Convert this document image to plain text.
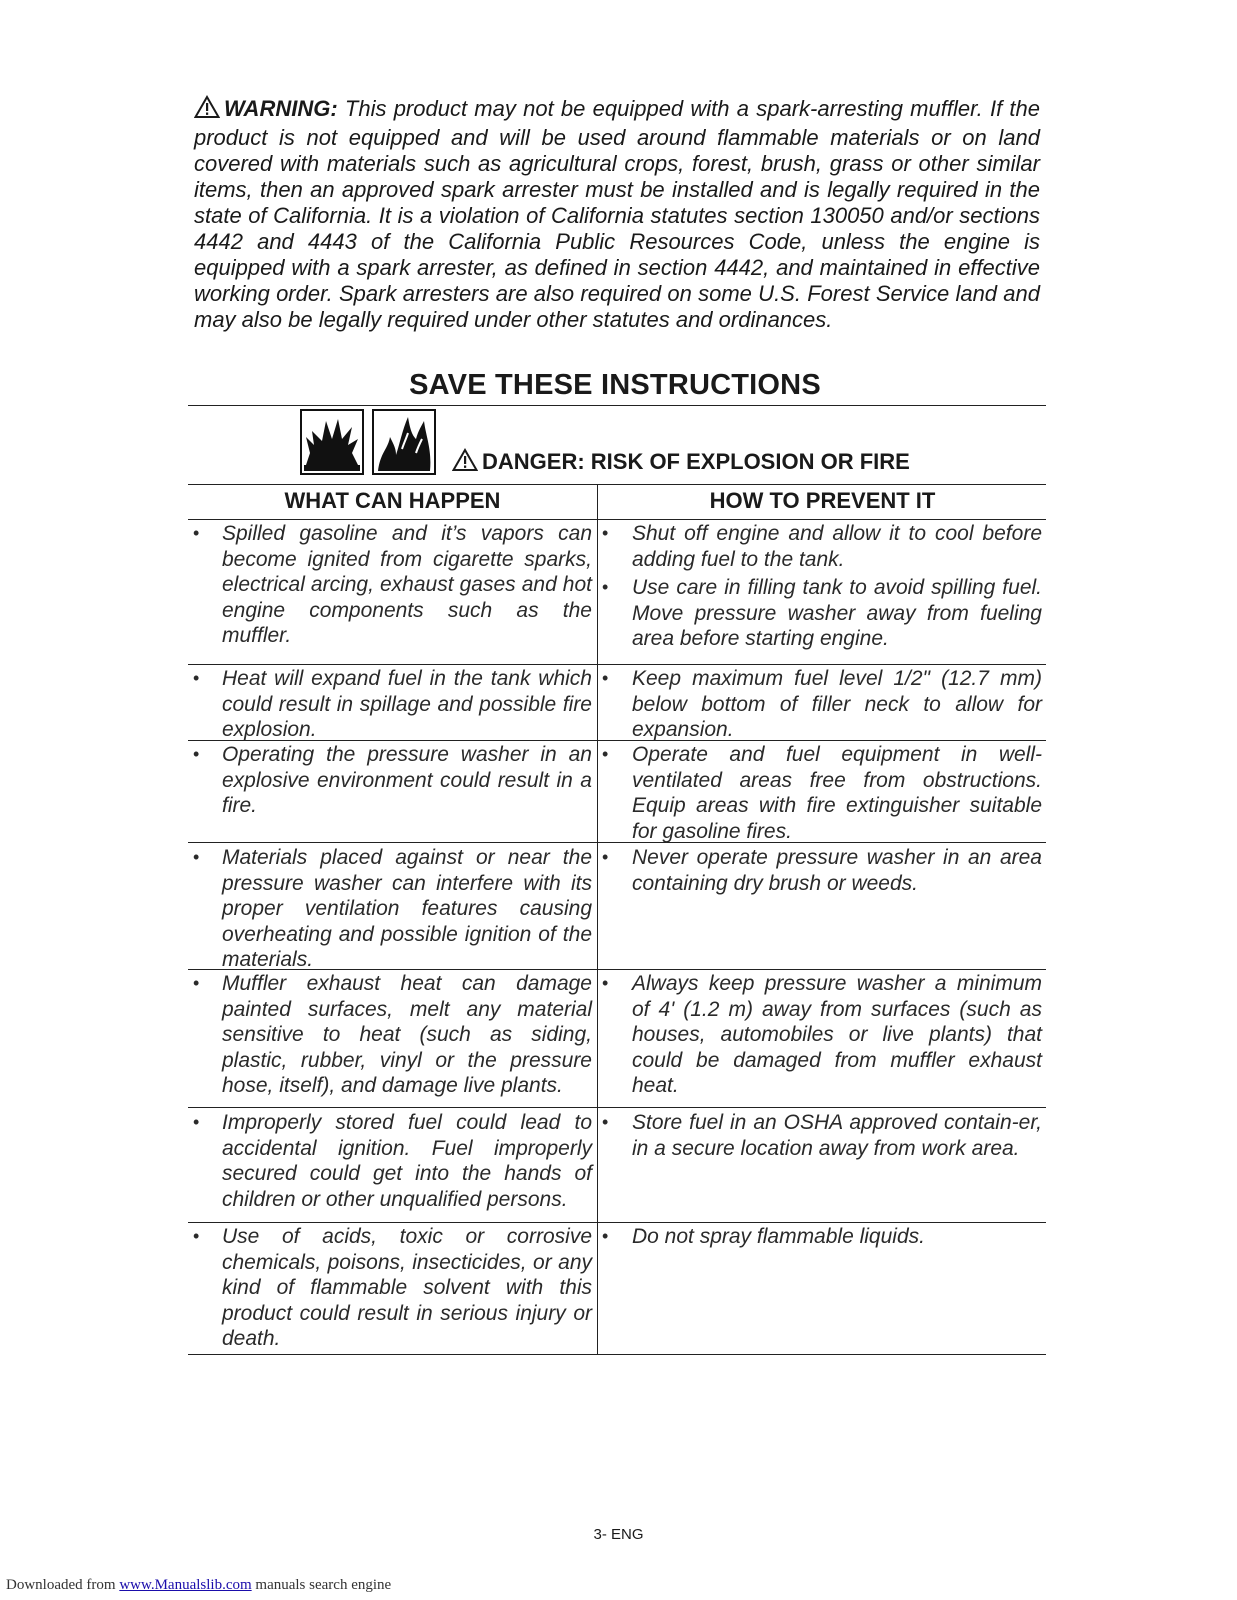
WARNING: This product may not be equipped with a spark-arresting muffler. If the product is not equipped and will be used around flammable materials or on land covered with materials such as agricultural crops, forest, brush, grass or other similar items, then an approved spark arrester must be installed and is legally required in the state of California. It is a violation of California statutes section 130050 and/or sections 4442 and 4443 of the California Public Resources Code, unless the engine is equipped with a spark arrester, as defined in section 4442, and maintained in effective working order. Spark arresters are also required on some U.S. Forest Service land and may also be legally required under other statutes and ordinances.
SAVE THESE INSTRUCTIONS
DANGER: RISK OF EXPLOSION OR FIRE
WHAT CAN HAPPEN	HOW TO PREVENT IT
• Spilled gasoline and it’s vapors can become ignited from cigarette sparks, electrical arcing, exhaust gases and hot engine components such as the muffler.
• Shut off engine and allow it to cool before adding fuel to the tank.
• Use care in filling tank to avoid spilling fuel. Move pressure washer away from fueling area before starting engine.
• Heat will expand fuel in the tank which could result in spillage and possible fire explosion.
• Keep maximum fuel level 1/2" (12.7 mm) below bottom of filler neck to allow for expansion.
• Operating the pressure washer in an explosive environment could result in a fire.
• Operate and fuel equipment in well-ventilated areas free from obstructions. Equip areas with fire extinguisher suitable for gasoline fires.
• Materials placed against or near the pressure washer can interfere with its proper ventilation features causing overheating and possible ignition of the materials.
• Never operate pressure washer in an area containing dry brush or weeds.
• Muffler exhaust heat can damage painted surfaces, melt any material sensitive to heat (such as siding, plastic, rubber, vinyl or the pressure hose, itself), and damage live plants.
• Always keep pressure washer a minimum of 4' (1.2 m) away from surfaces (such as houses, automobiles or live plants) that could be damaged from muffler exhaust heat.
• Improperly stored fuel could lead to accidental ignition. Fuel improperly secured could get into the hands of children or other unqualified persons.
• Store fuel in an OSHA approved contain-er, in a secure location away from work area.
• Use of acids, toxic or corrosive chemicals, poisons, insecticides, or any kind of flammable solvent with this product could result in serious injury or death.
• Do not spray flammable liquids.
3- ENG
Downloaded from www.Manualslib.com manuals search engine
